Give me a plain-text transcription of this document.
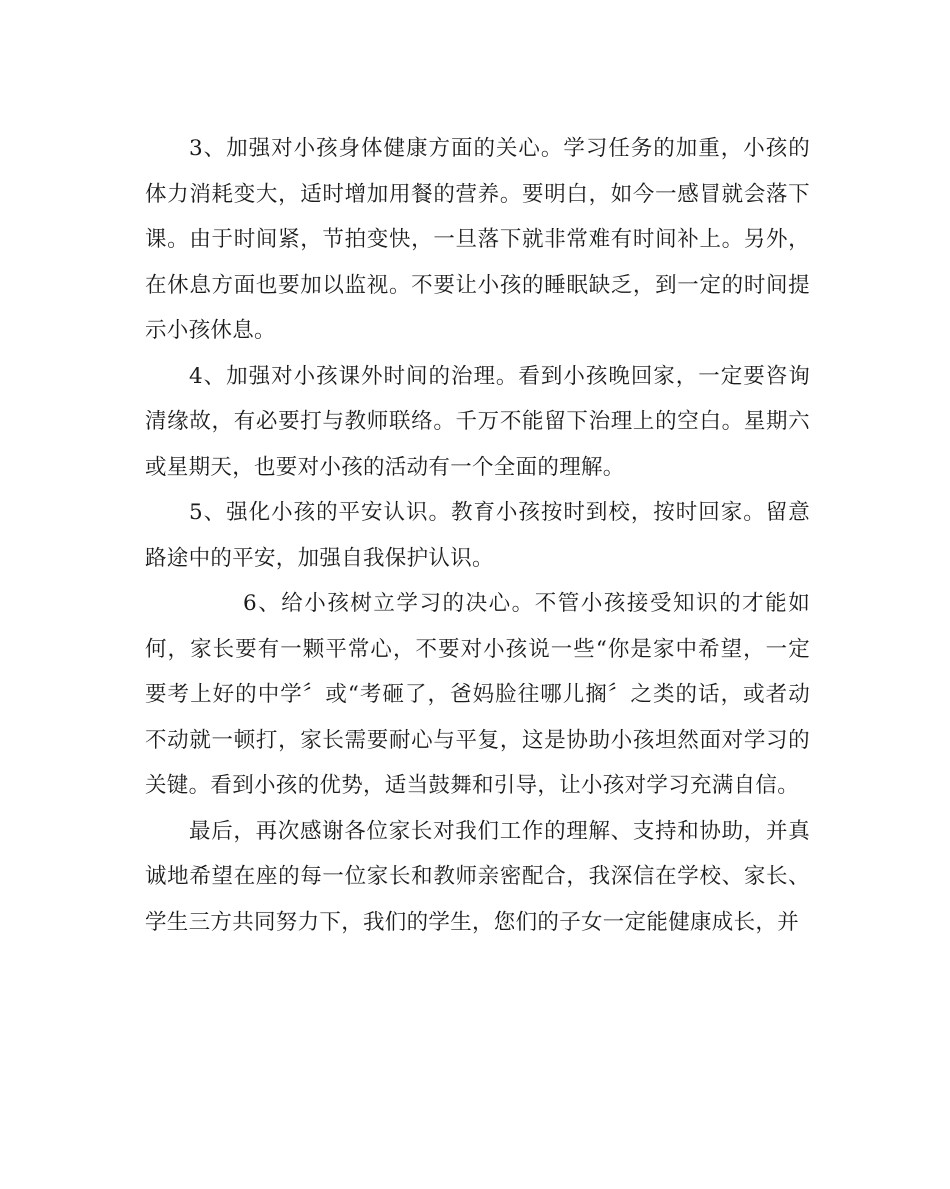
3、加强对小孩身体健康方面的关心。学习任务的加重，小孩的体力消耗变大，适时增加用餐的营养。要明白，如今一感冒就会落下课。由于时间紧，节拍变快，一旦落下就非常难有时间补上。另外，在休息方面也要加以监视。不要让小孩的睡眠缺乏，到一定的时间提示小孩休息。

4、加强对小孩课外时间的治理。看到小孩晚回家，一定要咨询清缘故，有必要打与教师联络。千万不能留下治理上的空白。星期六或星期天，也要对小孩的活动有一个全面的理解。

5、强化小孩的平安认识。教育小孩按时到校，按时回家。留意路途中的平安，加强自我保护认识。

6、给小孩树立学习的决心。不管小孩接受知识的才能如何，家长要有一颗平常心，不要对小孩说一些“你是家中希望，一定要考上好的中学〞或“考砸了，爸妈脸往哪儿搁〞之类的话，或者动不动就一顿打，家长需要耐心与平复，这是协助小孩坦然面对学习的关键。看到小孩的优势，适当鼓舞和引导，让小孩对学习充满自信。

最后，再次感谢各位家长对我们工作的理解、支持和协助，并真诚地希望在座的每一位家长和教师亲密配合，我深信在学校、家长、学生三方共同努力下，我们的学生，您们的子女一定能健康成长，并
